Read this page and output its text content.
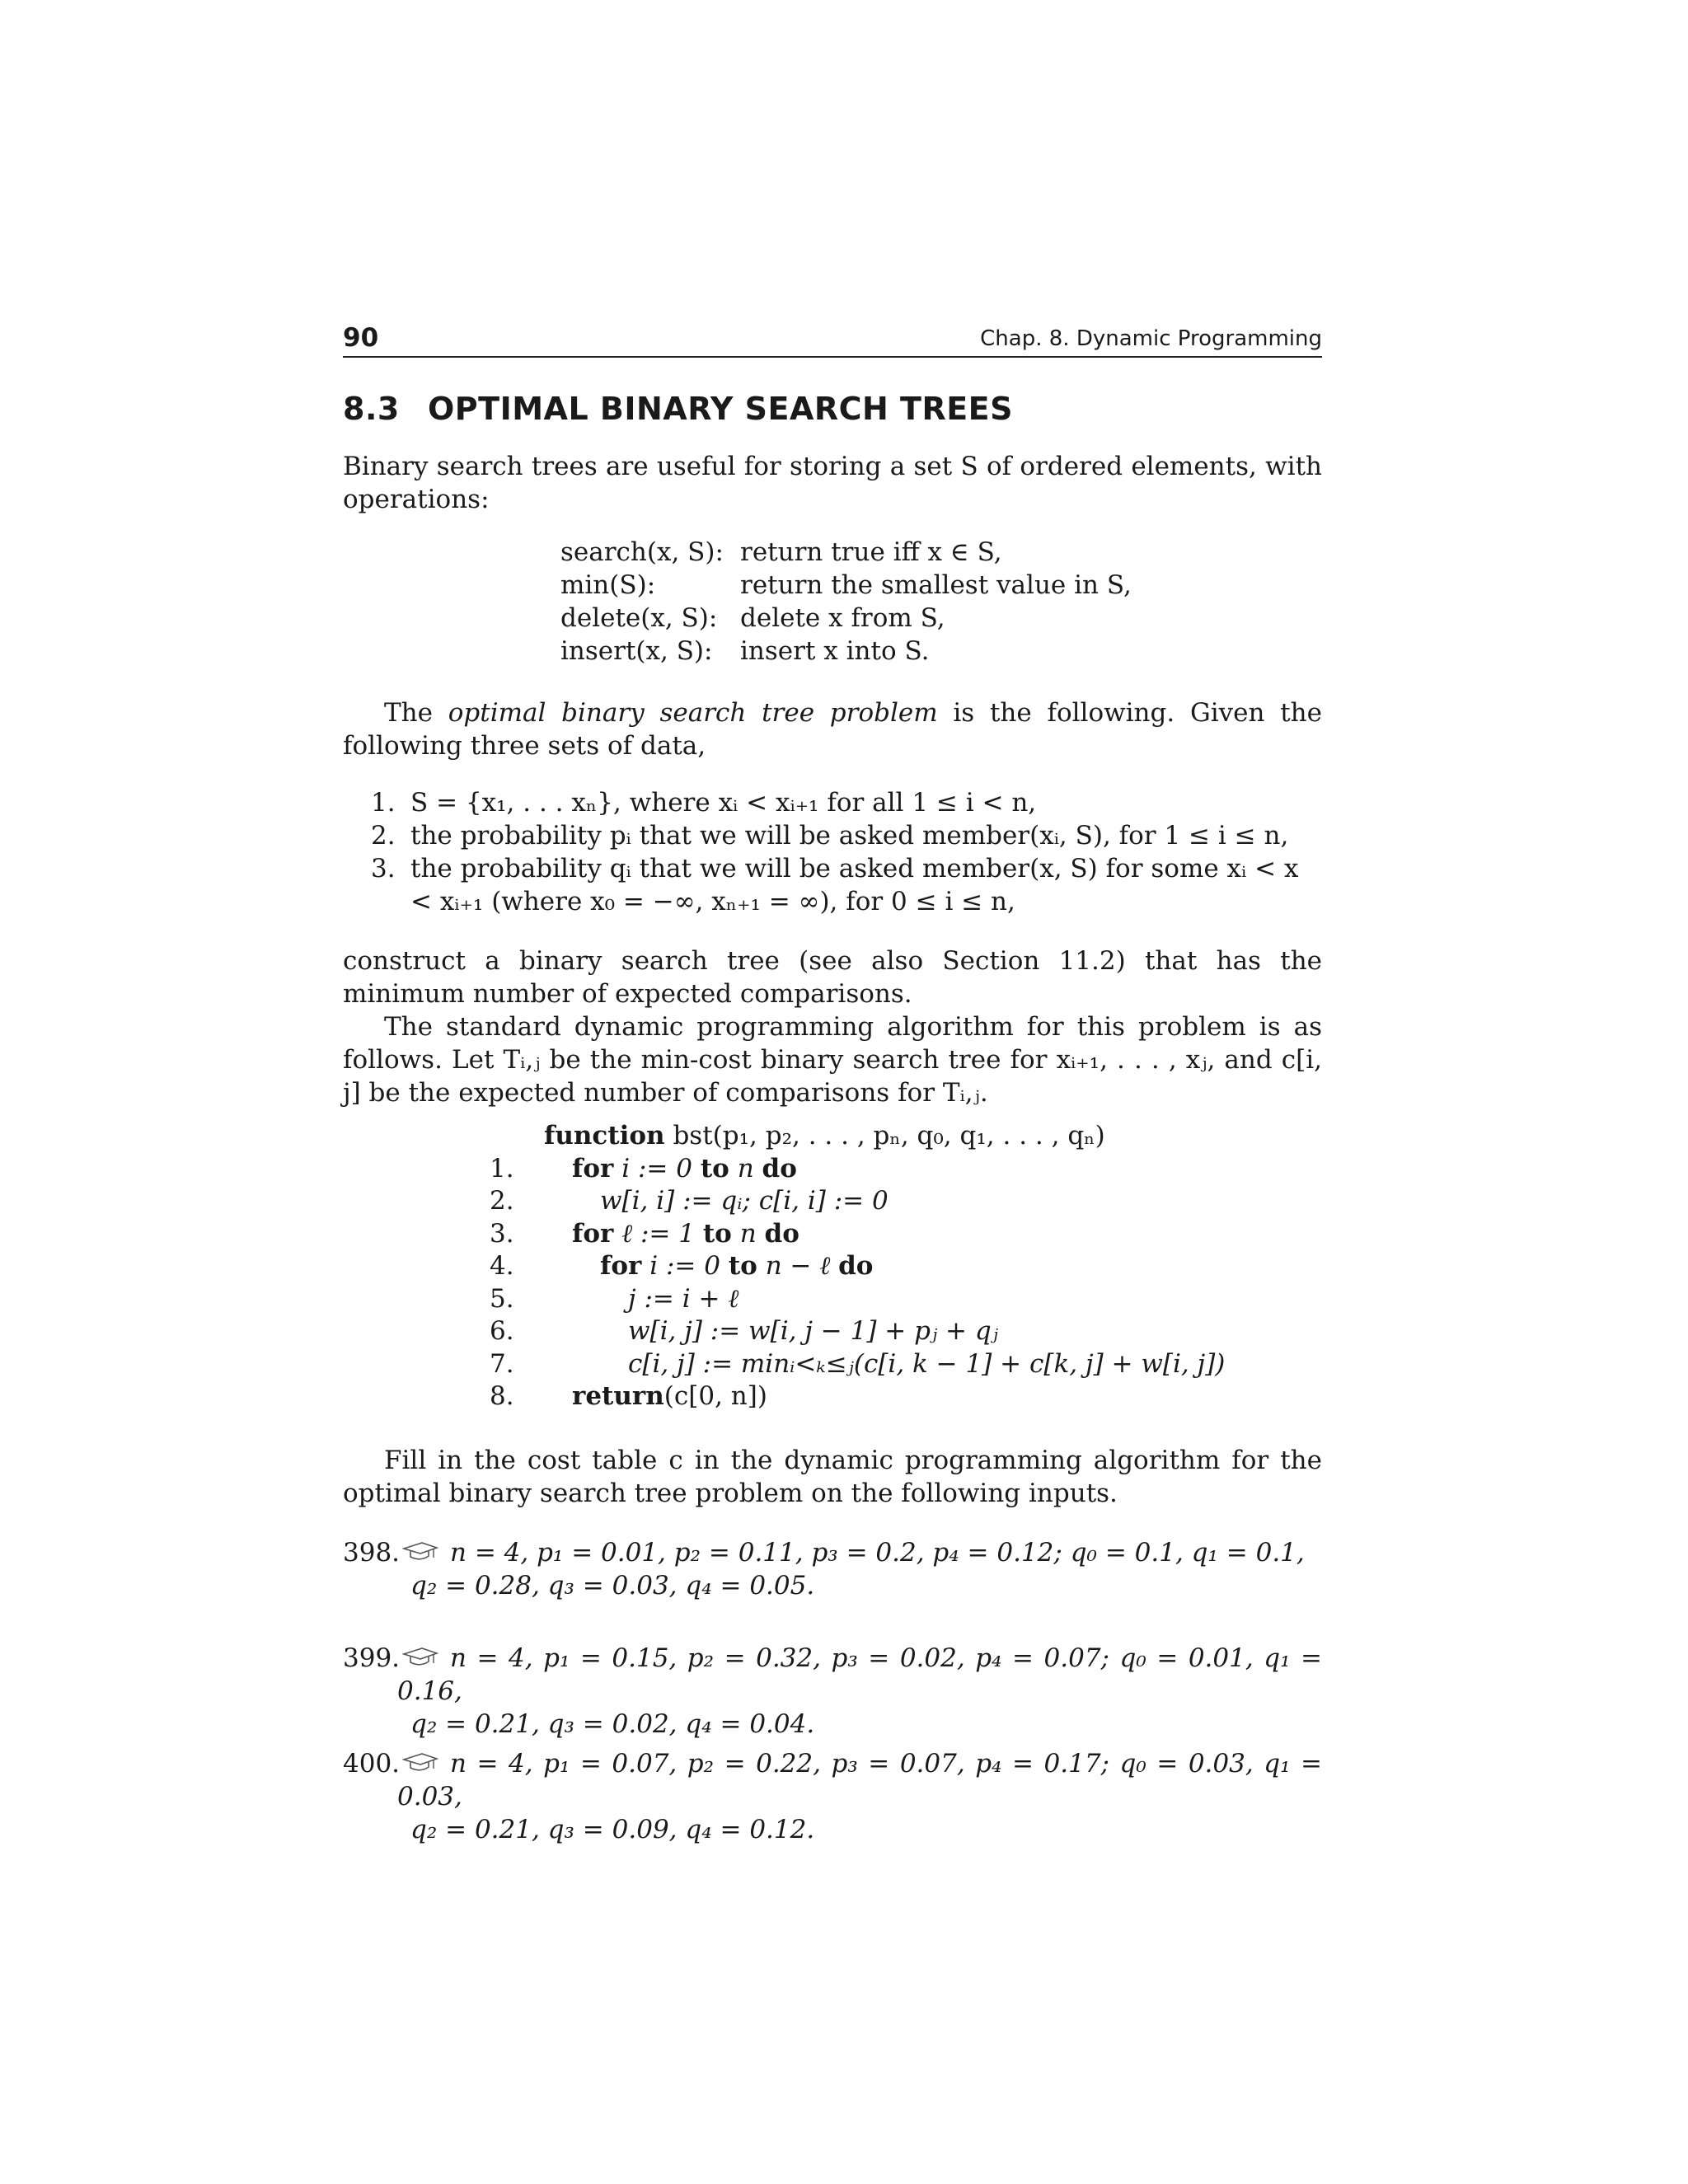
90	Chap. 8. Dynamic Programming
8.3 OPTIMAL BINARY SEARCH TREES
Binary search trees are useful for storing a set S of ordered elements, with operations:
search(x, S): return true iff x ∈ S,
min(S):	return the smallest value in S,
delete(x, S): delete x from S,
insert(x, S):	insert x into S.
The optimal binary search tree problem is the following. Given the following three sets of data,
1. S = {x₁, . . . xₙ}, where xᵢ < xᵢ₊₁ for all 1 ≤ i < n,
2. the probability pᵢ that we will be asked member(xᵢ, S), for 1 ≤ i ≤ n,
3. the probability qᵢ that we will be asked member(x, S) for some xᵢ < x < xᵢ₊₁ (where x₀ = −∞, xₙ₊₁ = ∞), for 0 ≤ i ≤ n,
construct a binary search tree (see also Section 11.2) that has the minimum number of expected comparisons.
The standard dynamic programming algorithm for this problem is as follows. Let Tᵢ,ⱼ be the min-cost binary search tree for xᵢ₊₁, . . . , xⱼ, and c[i, j] be the expected number of comparisons for Tᵢ,ⱼ.
function bst(p₁, p₂, . . . , pₙ, q₀, q₁, . . . , qₙ)
1.	for i := 0 to n do
2.	w[i, i] := qᵢ; c[i, i] := 0
3.	for ℓ := 1 to n do
4.	for i := 0 to n − ℓ do
5.	j := i + ℓ
6.	w[i, j] := w[i, j − 1] + pⱼ + qⱼ
7.	c[i, j] := minᵢ<ₖ≤ⱼ(c[i, k − 1] + c[k, j] + w[i, j])
8.	return(c[0, n])
Fill in the cost table c in the dynamic programming algorithm for the optimal binary search tree problem on the following inputs.
398.	n = 4, p₁ = 0.01, p₂ = 0.11, p₃ = 0.2, p₄ = 0.12; q₀ = 0.1, q₁ = 0.1,
q₂ = 0.28, q₃ = 0.03, q₄ = 0.05.
399.	n = 4, p₁ = 0.15, p₂ = 0.32, p₃ = 0.02, p₄ = 0.07; q₀ = 0.01, q₁ = 0.16,
q₂ = 0.21, q₃ = 0.02, q₄ = 0.04.
400.	n = 4, p₁ = 0.07, p₂ = 0.22, p₃ = 0.07, p₄ = 0.17; q₀ = 0.03, q₁ = 0.03,
q₂ = 0.21, q₃ = 0.09, q₄ = 0.12.
